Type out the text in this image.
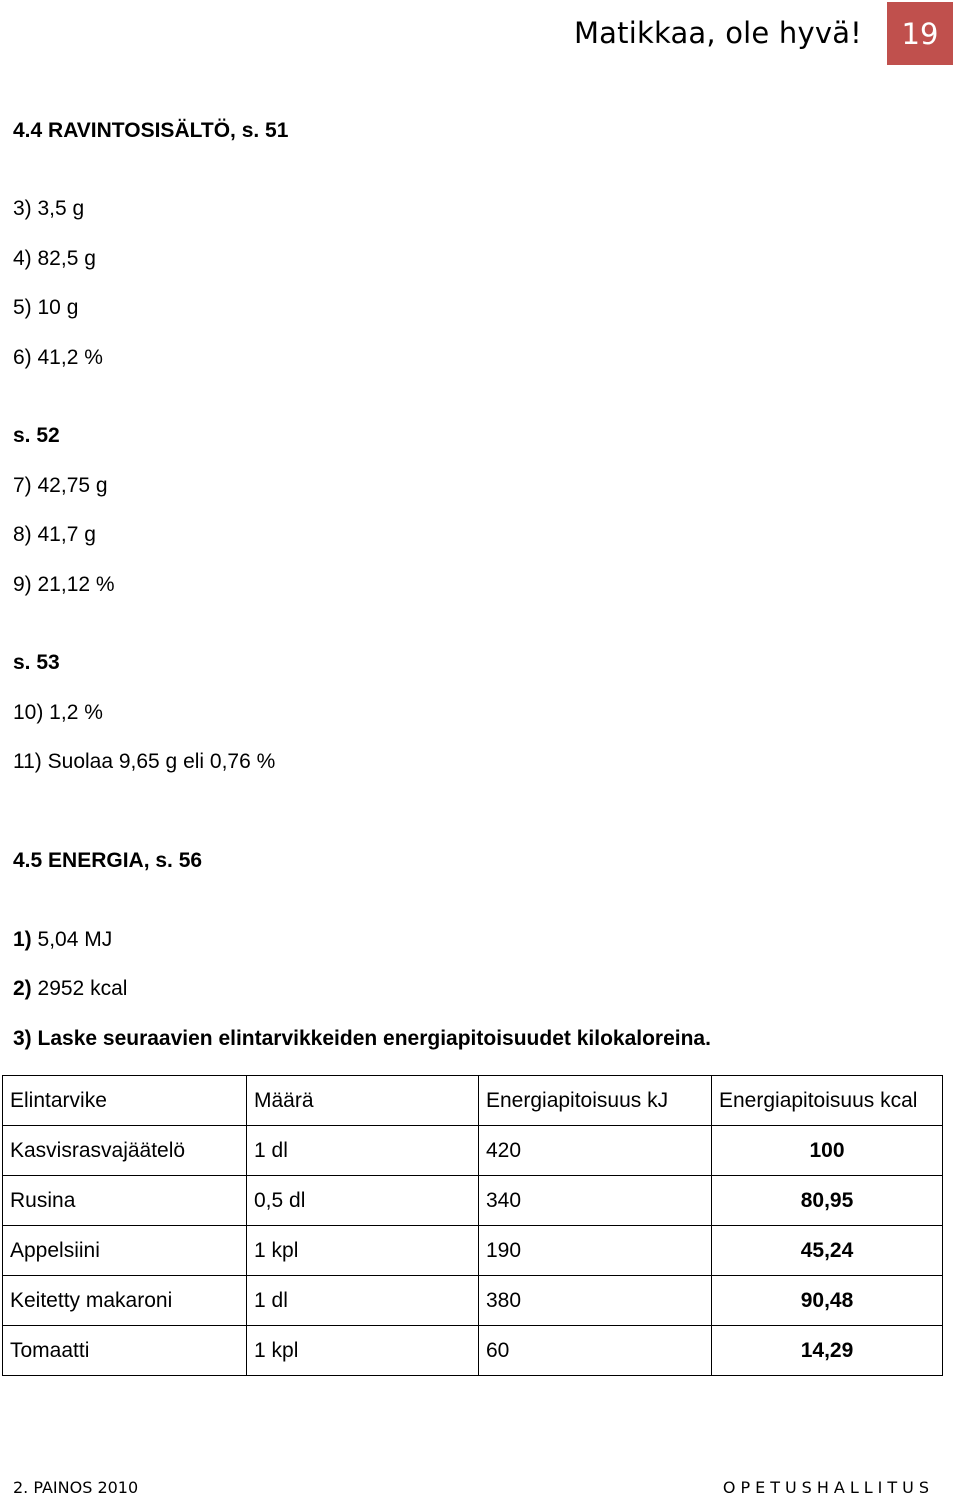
Matikkaa, ole hyvä!	19
4.4 RAVINTOSISÄLTÖ, s. 51
3) 3,5 g
4) 82,5 g
5) 10 g
6) 41,2 %
s. 52
7) 42,75 g
8) 41,7 g
9) 21,12 %
s. 53
10) 1,2 %
11) Suolaa 9,65 g eli 0,76 %
4.5 ENERGIA, s. 56
1) 5,04 MJ
2) 2952 kcal
3) Laske seuraavien elintarvikkeiden energiapitoisuudet kilokaloreina.
Elintarvike	Määrä	Energiapitoisuus kJ	Energiapitoisuus kcal
Kasvisrasvajäätelö	1 dl	420	100
Rusina	0,5 dl	340	80,95
Appelsiini	1 kpl	190	45,24
Keitetty makaroni	1 dl	380	90,48
Tomaatti	1 kpl	60	14,29
2. PAINOS 2010	OPETUSHALLITUS
